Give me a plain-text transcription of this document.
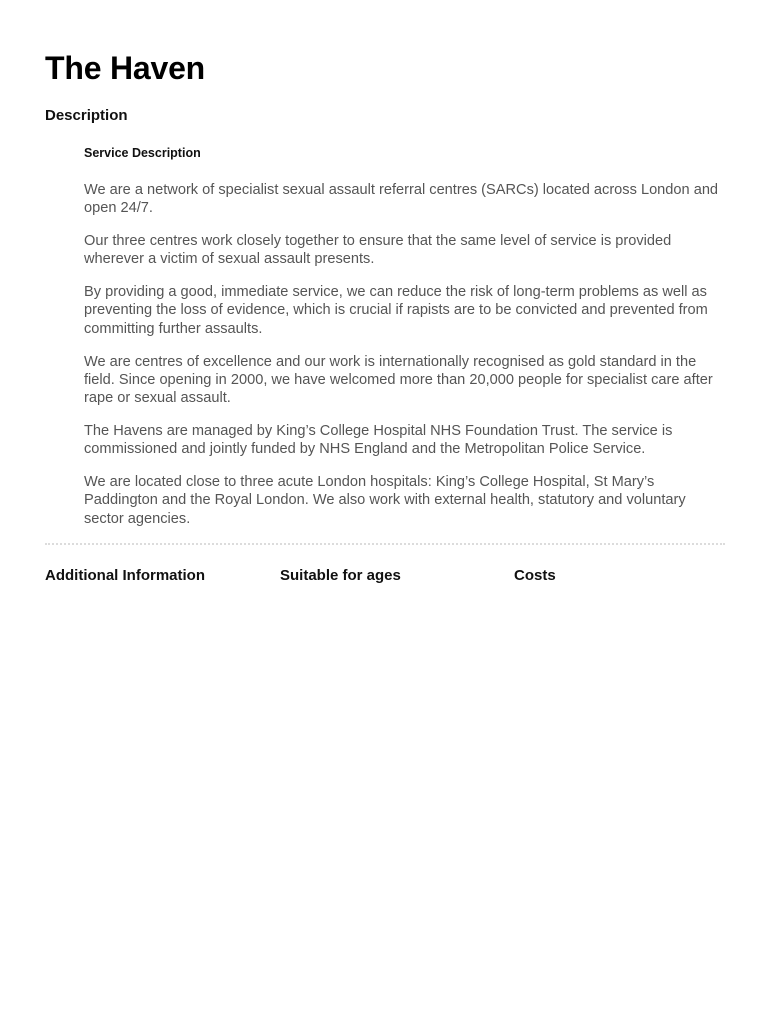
The Haven
Description
Service Description

We are a network of specialist sexual assault referral centres (SARCs) located across London and open 24/7.

Our three centres work closely together to ensure that the same level of service is provided wherever a victim of sexual assault presents.

By providing a good, immediate service, we can reduce the risk of long-term problems as well as preventing the loss of evidence, which is crucial if rapists are to be convicted and prevented from committing further assaults.

We are centres of excellence and our work is internationally recognised as gold standard in the field. Since opening in 2000, we have welcomed more than 20,000 people for specialist care after rape or sexual assault.

The Havens are managed by King’s College Hospital NHS Foundation Trust. The service is commissioned and jointly funded by NHS England and the Metropolitan Police Service.

We are located close to three acute London hospitals: King’s College Hospital, St Mary’s Paddington and the Royal London. We also work with external health, statutory and voluntary sector agencies.

Additional Information	Suitable for ages	Costs
